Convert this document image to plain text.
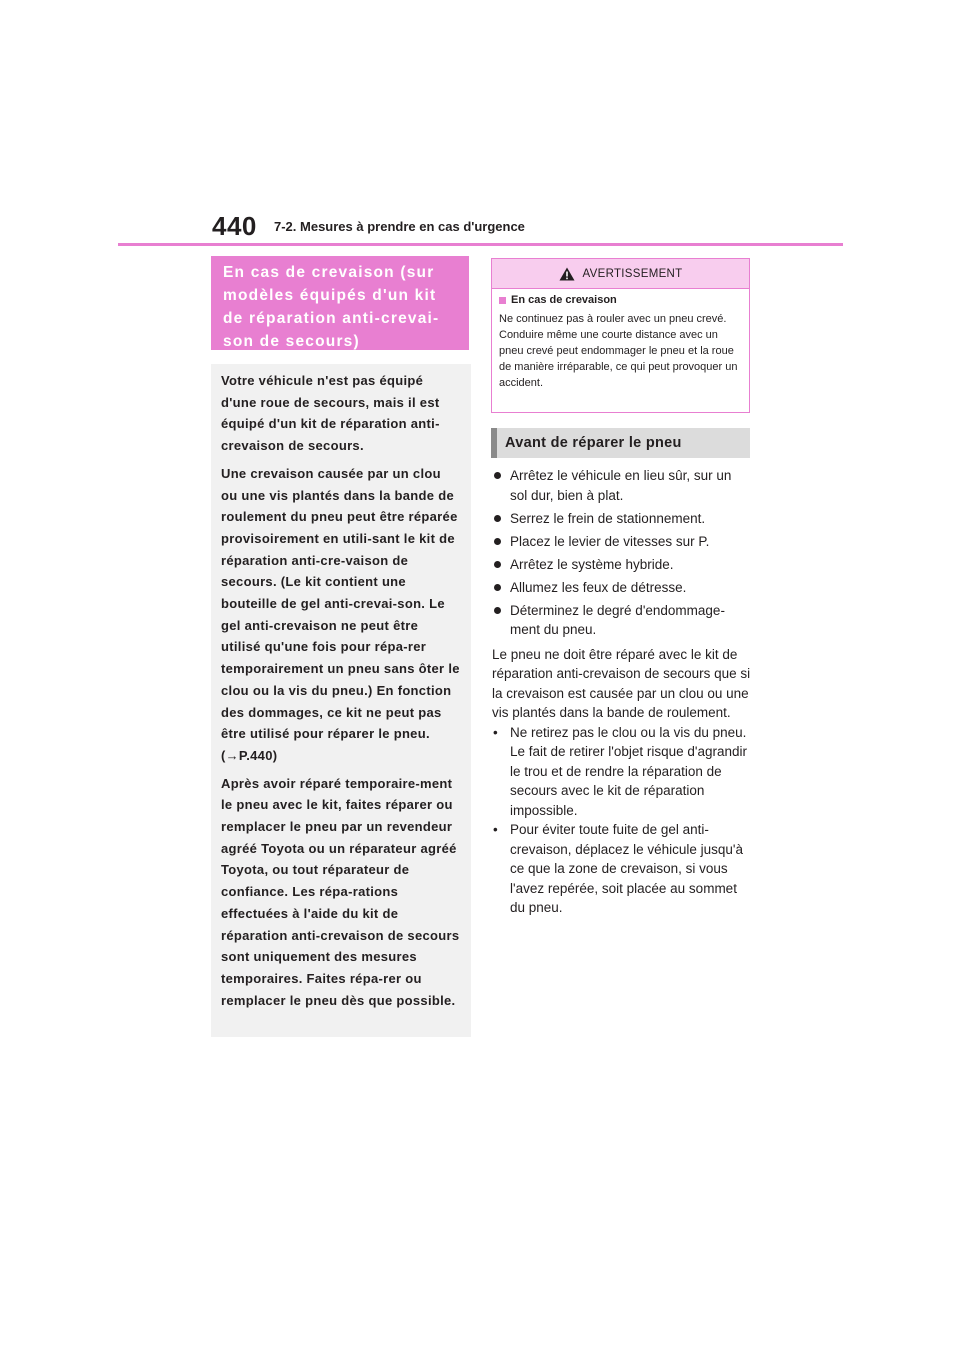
440 7-2. Mesures à prendre en cas d'urgence
En cas de crevaison (sur modèles équipés d'un kit de réparation anti-crevai-son de secours)

Votre véhicule n'est pas équipé d'une roue de secours, mais il est équipé d'un kit de réparation anti-crevaison de secours.

Une crevaison causée par un clou ou une vis plantés dans la bande de roulement du pneu peut être réparée provisoirement en utili-sant le kit de réparation anti-cre-vaison de secours. (Le kit contient une bouteille de gel anti-crevai-son. Le gel anti-crevaison ne peut être utilisé qu'une fois pour répa-rer temporairement un pneu sans ôter le clou ou la vis du pneu.) En fonction des dommages, ce kit ne peut pas être utilisé pour réparer le pneu. (→P.440)

Après avoir réparé temporaire-ment le pneu avec le kit, faites réparer ou remplacer le pneu par un revendeur agréé Toyota ou un réparateur agréé Toyota, ou tout réparateur de confiance. Les répa-rations effectuées à l'aide du kit de réparation anti-crevaison de secours sont uniquement des mesures temporaires. Faites répa-rer ou remplacer le pneu dès que possible.

AVERTISSEMENT
En cas de crevaison

Ne continuez pas à rouler avec un pneu crevé. Conduire même une courte distance avec un pneu crevé peut endommager le pneu et la roue de manière irréparable, ce qui peut provoquer un accident.

Avant de réparer le pneu
Arrêtez le véhicule en lieu sûr, sur un sol dur, bien à plat.
Serrez le frein de stationnement.
Placez le levier de vitesses sur P.
Arrêtez le système hybride.
Allumez les feux de détresse.
Déterminez le degré d'endommage-ment du pneu.

Le pneu ne doit être réparé avec le kit de réparation anti-crevaison de secours que si la crevaison est causée par un clou ou une vis plantés dans la bande de roulement.

• Ne retirez pas le clou ou la vis du pneu. Le fait de retirer l'objet risque d'agrandir le trou et de rendre la réparation de secours avec le kit de réparation impossible.
• Pour éviter toute fuite de gel anti-crevaison, déplacez le véhicule jusqu'à ce que la zone de crevaison, si vous l'avez repérée, soit placée au sommet du pneu.
